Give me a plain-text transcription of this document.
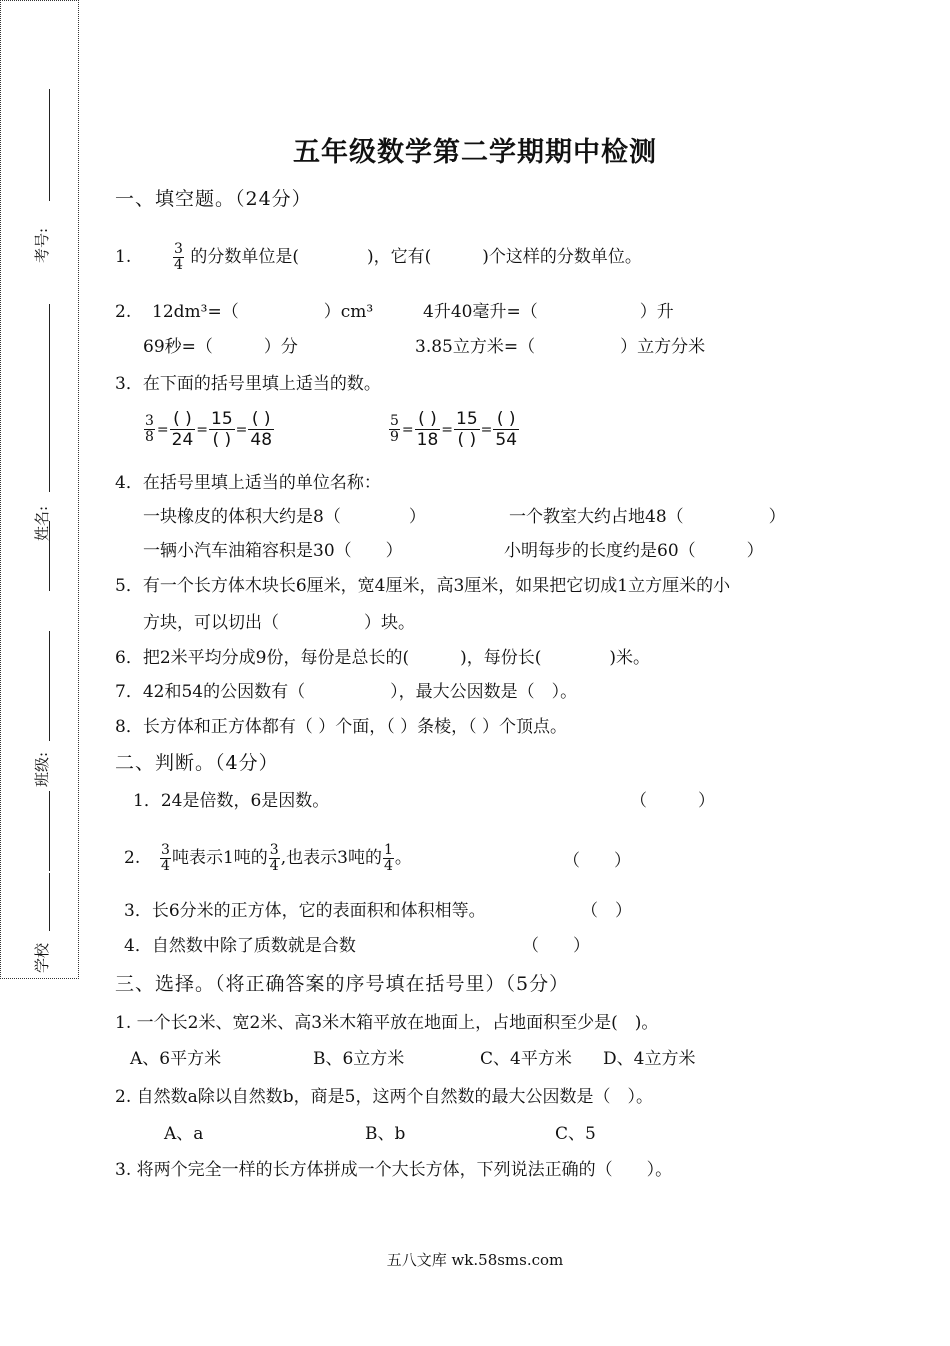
考号:
姓名:
班级:
学校
五年级数学第二学期期中检测
一、填空题。（24分）
1.	$\frac{3}{4}$ 的分数单位是(　　　　)，它有(　　　)个这样的分数单位。
2. 12dm³=（　　　　　）cm³	4升40毫升=（　　　　　　）升
69秒=（　　　）分	3.85立方米=（　　　　　）立方分米
3．在下面的括号里填上适当的数。
$\frac{3}{8}$ =
( )
24
=
15
( )
=
( )
48	$\frac{5}{9}$ =
( )
18
=
15
( )
=
( )
54
4．在括号里填上适当的单位名称：
一块橡皮的体积大约是8（　　　　）	一个教室大约占地48（　　　　　）
一辆小汽车油箱容积是30（　　）	小明每步的长度约是60（　　　）
5．有一个长方体木块长6厘米，宽4厘米，高3厘米，如果把它切成1立方厘米的小
方块，可以切出（　　　　　）块。
6．把2米平均分成9份，每份是总长的(　　　)，每份长(　　　　)米。
7．42和54的公因数有（　　　　　），最大公因数是（　）。
8．长方体和正方体都有（ ）个面，（ ）条棱，（ ）个顶点。
二、判断。（4分）
1．24是倍数，6是因数。	（　　　）
2. $\frac{3}{4}$ 吨表示1吨的 $\frac{3}{4}$ ,也表示3吨的 $\frac{1}{4}$ 。	（　　）
3．长6分米的正方体，它的表面积和体积相等。	（　）
4．自然数中除了质数就是合数	（　　）
三、选择。（将正确答案的序号填在括号里）（5分）
1. 一个长2米、宽2米、高3米木箱平放在地面上，占地面积至少是(　)。
A、6平方米	B、6立方米	C、4平方米 D、4立方米
2. 自然数a除以自然数b，商是5，这两个自然数的最大公因数是（　）。
A、a	B、b	C、5
3. 将两个完全一样的长方体拼成一个大长方体，下列说法正确的（　　）。
五八文库 wk.58sms.com
